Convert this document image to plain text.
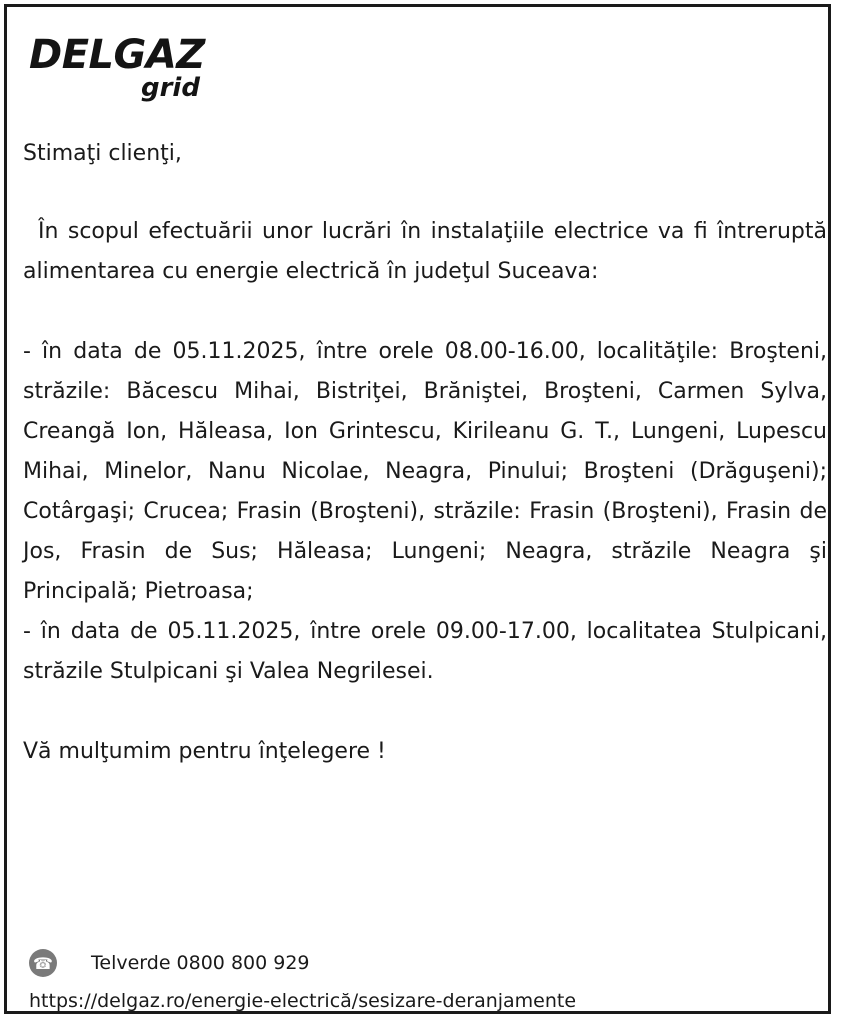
DELGAZ
grid

Stimaţi clienţi,

În scopul efectuării unor lucrări în instalaţiile electrice va fi întreruptă alimentarea cu energie electrică în judeţul Suceava:

- în data de 05.11.2025, între orele 08.00-16.00, localităţile: Broşteni, străzile: Băcescu Mihai, Bistriţei, Brăniştei, Broşteni, Carmen Sylva, Creangă Ion, Hăleasa, Ion Grintescu, Kirileanu G. T., Lungeni, Lupescu Mihai, Minelor, Nanu Nicolae, Neagra, Pinului; Broşteni (Drăguşeni); Cotârgaşi; Crucea; Frasin (Broşteni), străzile: Frasin (Broşteni), Frasin de Jos, Frasin de Sus; Hăleasa; Lungeni; Neagra, străzile Neagra şi Principală; Pietroasa;

- în data de 05.11.2025, între orele 09.00-17.00, localitatea Stulpicani, străzile Stulpicani şi Valea Negrilesei.

Vă mulţumim pentru înţelegere !

☎ Telverde 0800 800 929
https://delgaz.ro/energie-electrică/sesizare-deranjamente
